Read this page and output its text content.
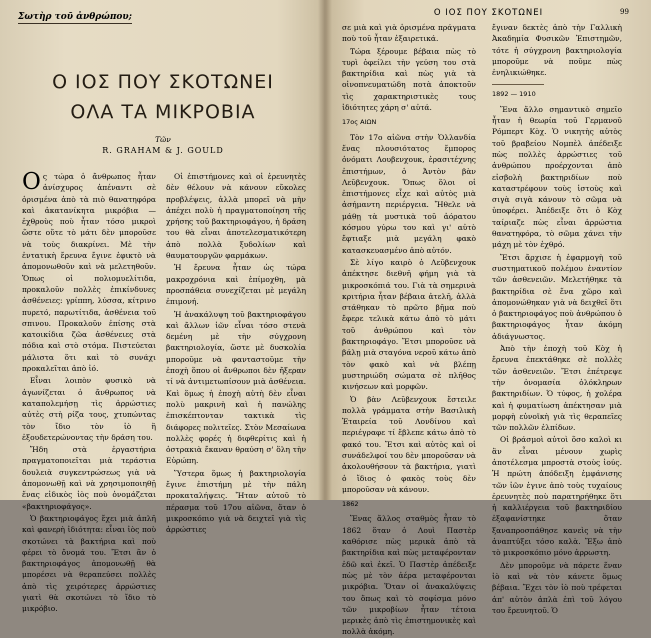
Σωτὴρ τοῦ ἀνθρώπου;
Ο ΙΟΣ ΠΟΥ ΣΚΟΤΩΝΕΙ
ΟΛΑ ΤΑ ΜΙΚΡΟΒΙΑ
Τῶν
R. GRAHAM & J. GOULD

Ος τώρα ὁ ἄνθρωπος ἦταν ἀνίσχυρος ἀπέναντι σὲ ὁρισμένα ἀπὸ τὰ πιὸ θανατηφόρα καὶ ἀκατανίκητα μικρόβια — ἐχθροὺς ποὺ ἦταν τόσο μικροὶ ὥστε οὔτε τὸ μάτι δὲν μποροῦσε νὰ τοὺς διακρίνει. Μὲ τὴν ἐντατικὴ ἔρευνα ἔγινε ἐφικτὸ νὰ ἀπομονωθοῦν καὶ νὰ μελετηθοῦν. Ὅπως οἱ πολιομυελίτιδα, προκαλοῦν πολλὲς ἐπικίνδυνες ἀσθένειες: γρίππη, λύσσα, κίτρινο πυρετό, παρωτίτιδα, ἀσθένεια τοῦ σπινου. Προκαλοῦν ἐπίσης στὰ κατοικίδια ζῶα ἀσθένειες στὰ πόδια καὶ στὸ στόμα. Πιστεύεται μάλιστα ὅτι καὶ τὸ συνάχι προκαλεῖται ἀπὸ ἰό.

Εἶναι λοιπὸν φυσικὸ νὰ ἀγωνίζεται ὁ ἄνθρωπος νὰ καταπολεμήσῃ τὶς ἀρρώστιες αὐτὲς στὴ ρίζα τους, χτυπώντας τὸν ἴδιο τὸν ἰὸ ἢ ἐξουδετερώνοντας τὴν δράση του.

Ἤδη στὰ ἐργαστήρια πραγματοποιεῖται μιὰ τεράστια δουλειὰ συγκεντρώσεως γιὰ νὰ ἀπομονωθῇ καὶ νὰ χρησιμοποιηθῇ ἕνας εἰδικὸς ἰὸς ποὺ ὀνομάζεται «βακτηριοφάγος».

Ὁ βακτηριοφάγος ἔχει μιὰ ἀπλῆ καὶ φανερὴ ἰδιότητα: εἶναι ἰὸς ποὺ σκοτώνει τὰ βακτήρια καὶ ποὺ φέρει τὸ ὄνομά του. Ἔτσι ἂν ὁ βακτηριοφάγος ἀπομονωθῇ θὰ μπορέσει νὰ θεραπεύσει πολλὲς ἀπὸ τὶς χειρότερες ἀρρώστιες γιατὶ θὰ σκοτώνει τὸ ἴδιο τὸ μικρόβιο.

Οἱ ἐπιστήμονες καὶ οἱ ἐρευνητὲς δὲν θέλουν νὰ κάνουν εὔκολες προβλέψεις, ἀλλὰ μπορεῖ νὰ μὴν ἀπέχει πολὺ ἡ πραγματοποίηση τῆς χρήσης τοῦ βακτηριοφάγου, ἡ δράση του θὰ εἶναι ἀποτελεσματικότερη ἀπὸ πολλὰ ξυδολίων καὶ θαυματουργῶν φαρμάκων.

Ἡ ἔρευνα ἦταν ὡς τώρα μακροχρόνια καὶ ἐπίμοχθη, μὰ προσπάθεια συνεχίζεται μὲ μεγάλη ἐπιμονή.

Ἡ ἀνακάλυψη τοῦ βακτηριοφάγου καὶ ἄλλων ἰῶν εἶναι τόσο στενὰ δεμένη μὲ τὴν σύγχρονη βακτηριολογία, ὥστε μὲ δυσκολία μποροῦμε νὰ φανταστοῦμε τὴν ἐποχὴ ὅπου οἱ ἄνθρωποι δὲν ἤξεραν τί νὰ ἀντιμετωπίσουν μιὰ ἀσθένεια. Καὶ ὅμως ἡ ἐποχὴ αὐτὴ δὲν εἶναι πολὺ μακρινὴ καὶ ἡ πανώλης ἐπισκέπτονταν τακτικὰ τὶς διάφορες πολιτεῖες. Στὸν Μεσαίωνα πολλὲς φορές ἡ διφθερίτις καὶ ἡ ὀστρακιὰ ἔκαναν θραύση σ' ὅλη τὴν Εὐρώπη.

Ὕστερα ὅμως ἡ βακτηριολογία ἔγινε ἐπιστήμη μὲ τὴν πάλη προκαταλήψεις. Ἤταν αὐτοῦ τὸ πέρασμα τοῦ 17ου αἰῶνα, ὅταν ὁ μικροσκόπιο γιὰ νὰ δειχτεῖ γιὰ τὶς ἀρρώστιες

Ο ΙΟΣ ΠΟΥ ΣΚΟΤΩΝΕΙ	99

σε μιὰ καὶ γιὰ ὁρισμένα πράγματα ποὺ τοῦ ἦταν ἐξαιρετικά.

Τώρα ξέρουμε βέβαια πὼς τὸ τυρὶ ὀφείλει τὴν γεύση του στὰ βακτηρίδια καὶ πὼς γιὰ τὰ οἰνοπνευματώδη ποτὰ ἀποκτοῦν τὶς χαρακτηριστικὲς τους ἰδιότητες χάρη σ' αὐτά.

17ος ΑΙΩΝ

Τὸν 17ο αἰῶνα στὴν Ὁλλανδία ἕνας πλουσιότατος ἔμπορος ὀνόματι Λουβενχουκ, ἐρασιτέχνης ἐπιστήμων, ὁ Ἀντὸν βὰν Λεῦβενχουκ. Ὅπως ὅλοι οἱ ἐπιστήμονες εἶχε καὶ αὐτὸς μιὰ ἀσήμαντη περιέργεια. Ἤθελε νὰ μάθῃ τὰ μυστικὰ τοῦ ἀόρατου κόσμου γύρω του καὶ γι' αὐτὸ ἔφτιαξε μιὰ μεγάλη φακὸ κατασκευασμένο ἀπὸ αὐτόν.

Σὲ λίγο καιρὸ ὁ Λεῦβενχουκ ἀπέκτησε διεθνῆ φήμη γιὰ τὰ μικροσκόπιά του. Γιὰ τὰ σημερινὰ κριτήρια ἦταν βέβαια ἀτελῆ, ἀλλὰ στάθηκαν τὸ πρῶτο βῆμα ποὺ ἔφερε τελικὰ κάτω ἀπὸ τὸ μάτι τοῦ ἀνθρώπου καὶ τὸν βακτηριοφάγο. Ἔτσι μποροῦσε νὰ βάλῃ μιὰ σταγόνα νεροῦ κάτω ἀπὸ τὸν φακὸ καὶ νὰ βλέπῃ μυστηριώδη σώματα σὲ πλῆθος κινήσεων καὶ μορφῶν.

Ὁ βὰν Λεῦβενχουκ ἔστειλε πολλὰ γράμματα στὴν Βασιλικὴ Ἑταιρεία τοῦ Λονδίνου καὶ περιέγραφε τί ἔβλεπε κάτω ἀπὸ τὸ φακό του. Ἔτσι καὶ αὐτὸς καὶ οἱ συνάδελφοί του δὲν μποροῦσαν νὰ ἀκολουθήσουν τὰ βακτήρια, γιατὶ ὁ ἴδιος ὁ φακὸς τοὺς δὲν μποροῦσαν νὰ κάνουν.

1862

Ἕνας ἄλλος σταθμὸς ἦταν τὸ 1862 ὅταν ὁ Λουὶ Παστὲρ καθόρισε πὼς μερικὰ ἀπὸ τὰ βακτηρίδια καὶ πὼς μεταφέρονταν ἐδῶ καὶ ἐκεῖ. Ὁ Παστὲρ ἀπέδειξε πὼς μὲ τὸν ἀέρα μεταφέρονται μικρόβια. Ὅταν οἱ ἀνακαλύψεις του ὅπως καὶ τὸ σοφίσμα μόνο τῶν μικροβίων ἦταν τέτοια μερικὲς ἀπὸ τὶς ἐπιστημονικὲς καὶ πολλὰ ἀκόμη.

ἔγιναν δεκτὲς ἀπὸ τὴν Γαλλικὴ Ἀκαδημία Φυσικῶν Ἐπιστημῶν, τότε ἡ σύγχρονη βακτηριολογία μποροῦμε νὰ ποῦμε πὼς ἐνηλικιώθηκε.

1892 — 1910

Ἕνα ἄλλο σημαντικὸ σημεῖο ἦταν ἡ θεωρία τοῦ Γερμανοῦ Ρόμπερτ Κὸχ. Ὁ νικητὴς αὐτὸς τοῦ βραβείου Νομπὲλ ἀπέδειξε πὼς πολλὲς ἀρρώστιες τοῦ ἀνθρώπου προέρχονται ἀπὸ εἰσβολὴ βακτηριδίων ποὺ καταστρέφουν τοὺς ἱστοὺς καὶ σιγὰ σιγὰ κάνουν τὸ σῶμα νὰ ὑποφέρει. Ἀπέδειξε ὅτι ὁ Κὸχ ταίριαζε πὼς εἶναι ἀρρώστια θανατηφόρα, τὸ σῶμα χάνει τὴν μάχη μὲ τὸν ἐχθρό.

Ἔτσι ἄρχισε ἡ ἐφαρμογὴ τοῦ συστηματικοῦ πολέμου ἐναντίον τῶν ἀσθενειῶν. Μελετήθηκε τὰ βακτηρίδια σὲ ἕνα χῶρο καὶ ἀπομονώθηκαν γιὰ νὰ δειχθεῖ ὅτι ὁ βακτηριοφάγος ποὺ ἀνθρώπου ὁ βακτηριοφάγος ἦταν ἀκόμη ἀδιάγνωστος.

Ἀπὸ τὴν ἐποχὴ τοῦ Κὸχ ἡ ἔρευνα ἐπεκτάθηκε σὲ πολλὲς τῶν ἀσθενειῶν. Ἔτσι ἐπέτρεψε τὴν ὀνομασία ὁλόκληρων βακτηριδίων. Ὁ τύφος, ἡ χολέρα καὶ ἡ φυματίωση ἀπέκτησαν μιὰ μορφὴ εὐνοϊκὴ γιὰ τὶς θεραπεῖες τῶν πολλῶν ἐλπίδων.

Οἱ βράσμοὶ αὐτοὶ ὅσο καλοὶ κι ἂν εἶναι μένουν χωρὶς ἀποτέλεσμα μπροστὰ στοὺς ἰούς. Ἡ πρώτη ἀπόδειξη ἐμφάνισης τῶν ἰῶν ἐγινε ἀπὸ τοὺς τυχαίους ἐρευνητὲς ποὺ παρατηρήθηκε ὅτι ἡ καλλιέργεια τοῦ βακτηριδίου ἐξαφανίστηκε ὅταν ξαναπροσπάθησε κανεὶς νὰ τὴν ἀναπτύξει τόσο καλὰ. Ἔξω ἀπὸ τὸ μικροσκόπιο μόνο ἀρρωστη.

Δὲν μποροῦμε νὰ πάρετε ἕναν ἰὸ καὶ νὰ τὸν κάνετε ὅμως βέβαια. Ἔχει τὸν ἰὸ ποὺ τρέφεται ἀπ' αὐτὸν ἀπλὰ ἐπὶ τοῦ λόγου του ἔρευνητοῦ. Ὁ
